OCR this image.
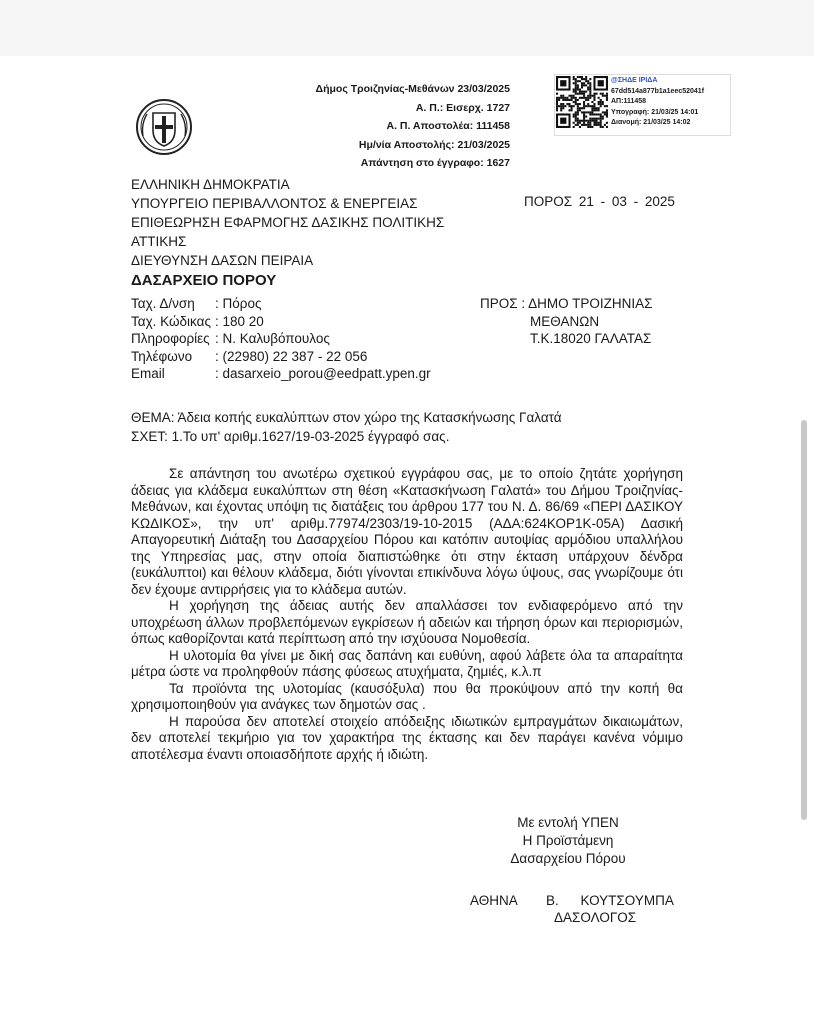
Δήμος Τροιζηνίας-Μεθάνων 23/03/2025
Α. Π.: Εισερχ. 1727
Α. Π. Αποστολέα: 111458
Ημ/νία Αποστολής: 21/03/2025
Απάντηση στο έγγραφο: 1627
@ΣΗΔΕ ΙΡΙΔΑ
67dd514a877b1a1eec52041f
ΑΠ:111458
Υπογραφή: 21/03/25 14:01
Διανομή: 21/03/25 14:02
ΕΛΛΗΝΙΚΗ ΔΗΜΟΚΡΑΤΙΑ
ΥΠΟΥΡΓΕΙΟ ΠΕΡΙΒΑΛΛΟΝΤΟΣ & ΕΝΕΡΓΕΙΑΣ
ΕΠΙΘΕΩΡΗΣΗ ΕΦΑΡΜΟΓΗΣ ΔΑΣΙΚΗΣ ΠΟΛΙΤΙΚΗΣ
ΑΤΤΙΚΗΣ
ΔΙΕΥΘΥΝΣΗ ΔΑΣΩΝ ΠΕΙΡΑΙΑ
ΔΑΣΑΡΧΕΙΟ ΠΟΡΟΥ
ΠΟΡΟΣ 21 - 03 - 2025
Ταχ. Δ/νση	: Πόρος
Ταχ. Κώδικας : 180 20
Πληροφορίες : Ν. Καλυβόπουλος
Τηλέφωνο	: (22980) 22 387 - 22 056
Email	: dasarxeio_porou@eedpatt.ypen.gr
ΠΡΟΣ : ΔΗΜΟ ΤΡΟΙΖΗΝΙΑΣ
ΜΕΘΑΝΩΝ
Τ.Κ.18020 ΓΑΛΑΤΑΣ
ΘΕΜΑ: Άδεια κοπής ευκαλύπτων στον χώρο της Κατασκήνωσης Γαλατά
ΣΧΕΤ: 1.Το υπ' αριθμ.1627/19-03-2025 έγγραφό σας.

Σε απάντηση του ανωτέρω σχετικού εγγράφου σας, με το οποίο ζητάτε χορήγηση άδειας για κλάδεμα ευκαλύπτων στη θέση «Κατασκήνωση Γαλατά» του Δήμου Τροιζηνίας- Μεθάνων, και έχοντας υπόψη τις διατάξεις του άρθρου 177 του Ν. Δ. 86/69 «ΠΕΡΙ ΔΑΣΙΚΟΥ ΚΩΔΙΚΟΣ», την υπ' αριθμ.77974/2303/19-10-2015 (ΑΔΑ:624ΚΟΡ1Κ-05Α) Δασική Απαγορευτική Διάταξη του Δασαρχείου Πόρου και κατόπιν αυτοψίας αρμόδιου υπαλλήλου της Υπηρεσίας μας, στην οποία διαπιστώθηκε ότι στην έκταση υπάρχουν δένδρα (ευκάλυπτοι) και θέλουν κλάδεμα, διότι γίνονται επικίνδυνα λόγω ύψους, σας γνωρίζουμε ότι δεν έχουμε αντιρρήσεις για το κλάδεμα αυτών.

Η χορήγηση της άδειας αυτής δεν απαλλάσσει τον ενδιαφερόμενο από την υποχρέωση άλλων προβλεπόμενων εγκρίσεων ή αδειών και τήρηση όρων και περιορισμών, όπως καθορίζονται κατά περίπτωση από την ισχύουσα Νομοθεσία.

Η υλοτομία θα γίνει με δική σας δαπάνη και ευθύνη, αφού λάβετε όλα τα απαραίτητα μέτρα ώστε να προληφθούν πάσης φύσεως ατυχήματα, ζημιές, κ.λ.π

Τα προϊόντα της υλοτομίας (καυσόξυλα) που θα προκύψουν από την κοπή θα χρησιμοποιηθούν για ανάγκες των δημοτών σας .

Η παρούσα δεν αποτελεί στοιχείο απόδειξης ιδιωτικών εμπραγμάτων δικαιωμάτων, δεν αποτελεί τεκμήριο για τον χαρακτήρα της έκτασης και δεν παράγει κανένα νόμιμο αποτέλεσμα έναντι οποιασδήποτε αρχής ή ιδιώτη.

Με εντολή ΥΠΕΝ
Η Προϊστάμενη
Δασαρχείου Πόρου
ΑΘΗΝΑ Β. ΚΟΥΤΣΟΥΜΠΑ
ΔΑΣΟΛΟΓΟΣ
